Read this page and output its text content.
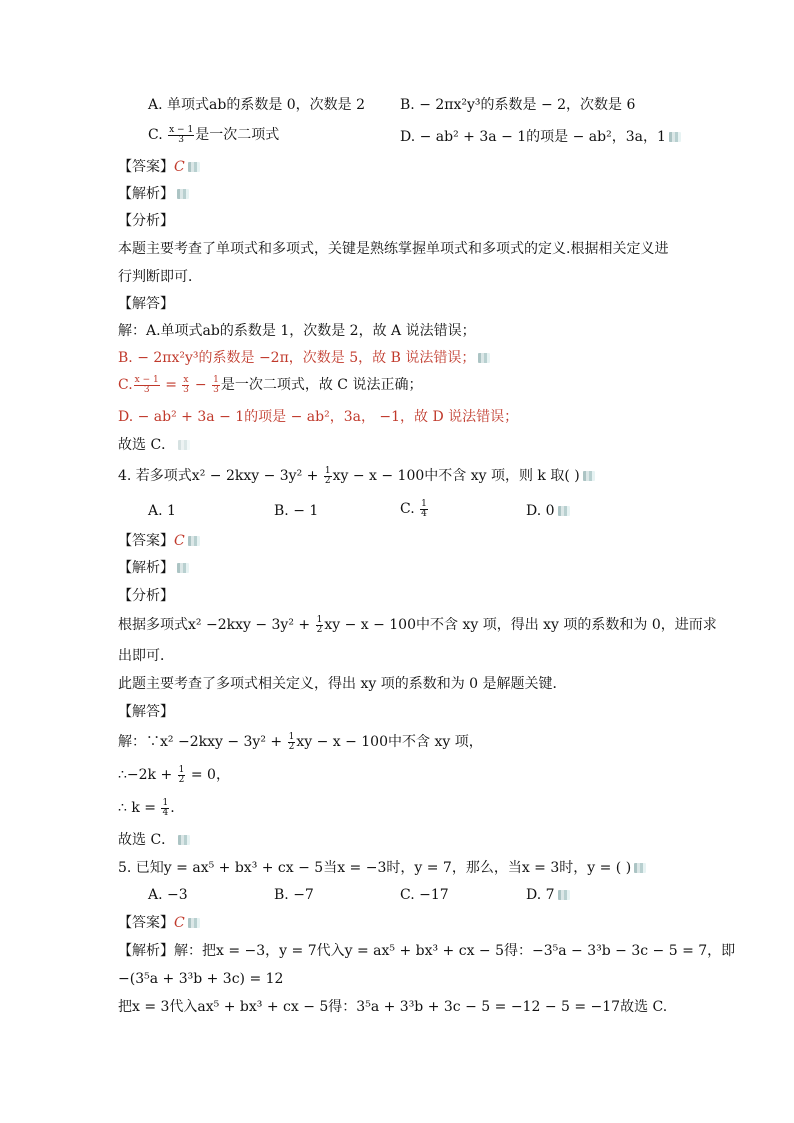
A. 单项式ab的系数是 0，次数是 2 B. − 2πx²y³的系数是 − 2，次数是 6
C. $\frac{x - 1}{3}$ 是一次二项式	D. − ab² + 3a − 1的项是 − ab²，3a，1
【答案】C
【解析】
【分析】
本题主要考查了单项式和多项式，关键是熟练掌握单项式和多项式的定义.根据相关定义进
行判断即可．
【解答】
解：A.单项式ab的系数是 1，次数是 2，故 A 说法错误；
B. − 2πx²y³的系数是 −2π，次数是 5，故 B 说法错误；
C. $\frac{x - 1}{3} = \frac{x}{3} - \frac{1}{3}$ 是一次二项式，故 C 说法正确；
D. − ab² + 3a − 1的项是 − ab²，3a， −1，故 D 说法错误；
故选 C．
4. 若多项式$x^2 - 2kxy - 3y^2 + \frac{1}{2}$ xy − x − 100中不含 xy 项，则 k 取( )
A. 1	B. − 1	C. $\frac{1}{4}$	D. 0
【答案】C
【解析】
【分析】
根据多项式$x^2 -2kxy - 3y^2 + \frac{1}{2}$ xy − x − 100中不含 xy 项，得出 xy 项的系数和为 0，进而求
出即可．
此题主要考查了多项式相关定义，得出 xy 项的系数和为 0 是解题关键．
【解答】
解：∵x² $-2kxy - 3y^2 + \frac{1}{2}$ xy − x − 100中不含 xy 项，
∴−2k + $\frac{1}{2} = 0$，
∴ $k = \frac{1}{4}$ .
故选 C．
5. 已知y = ax⁵ + bx³ + cx − 5当x = −3时，y = 7，那么，当x = 3时，y = ( )
A. −3	B. −7	C. −17	D. 7
【答案】C
【解析】解：把x = −3，y = 7代入y = ax⁵ + bx³ + cx − 5得：−3⁵a − 3³b − 3c − 5 = 7，即
−(3⁵a + 3³b + 3c) = 12
把x = 3代入ax⁵ + bx³ + cx − 5得：3⁵a + 3³b + 3c − 5 = −12 − 5 = −17故选 C.
